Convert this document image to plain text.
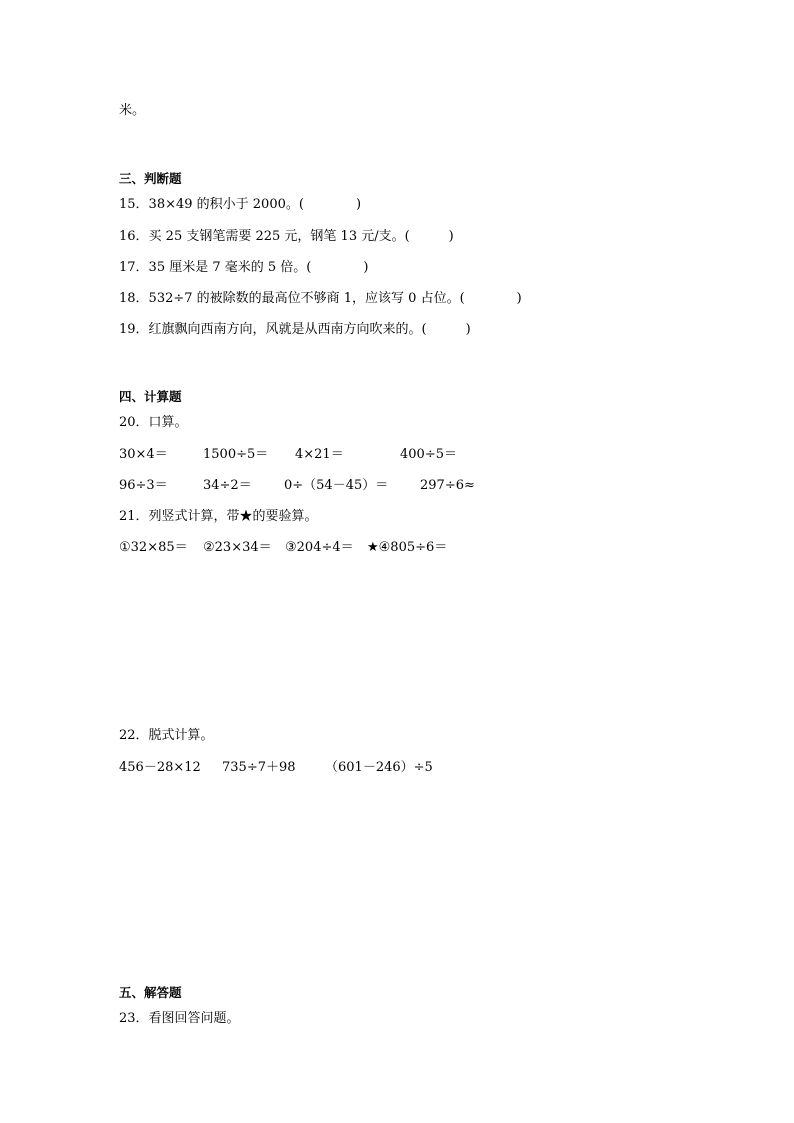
米。
三、判断题
15．38×49 的积小于 2000。(　　　　)
16．买 25 支钢笔需要 225 元，钢笔 13 元/支。(　　　)
17．35 厘米是 7 毫米的 5 倍。(　　　　)
18．532÷7 的被除数的最高位不够商 1，应该写 0 占位。(　　　　)
19．红旗飘向西南方向，风就是从西南方向吹来的。(　　　)
四、计算题
20．口算。
30×4＝	1500÷5＝ 4×21＝	400÷5＝
96÷3＝	34÷2＝ 0÷（54－45）＝ 297÷6≈
21．列竖式计算，带★的要验算。
①32×85＝ ②23×34＝ ③204÷4＝ ★④805÷6＝
22．脱式计算。
456－28×12 735÷7＋98 （601－246）÷5
五、解答题
23．看图回答问题。
